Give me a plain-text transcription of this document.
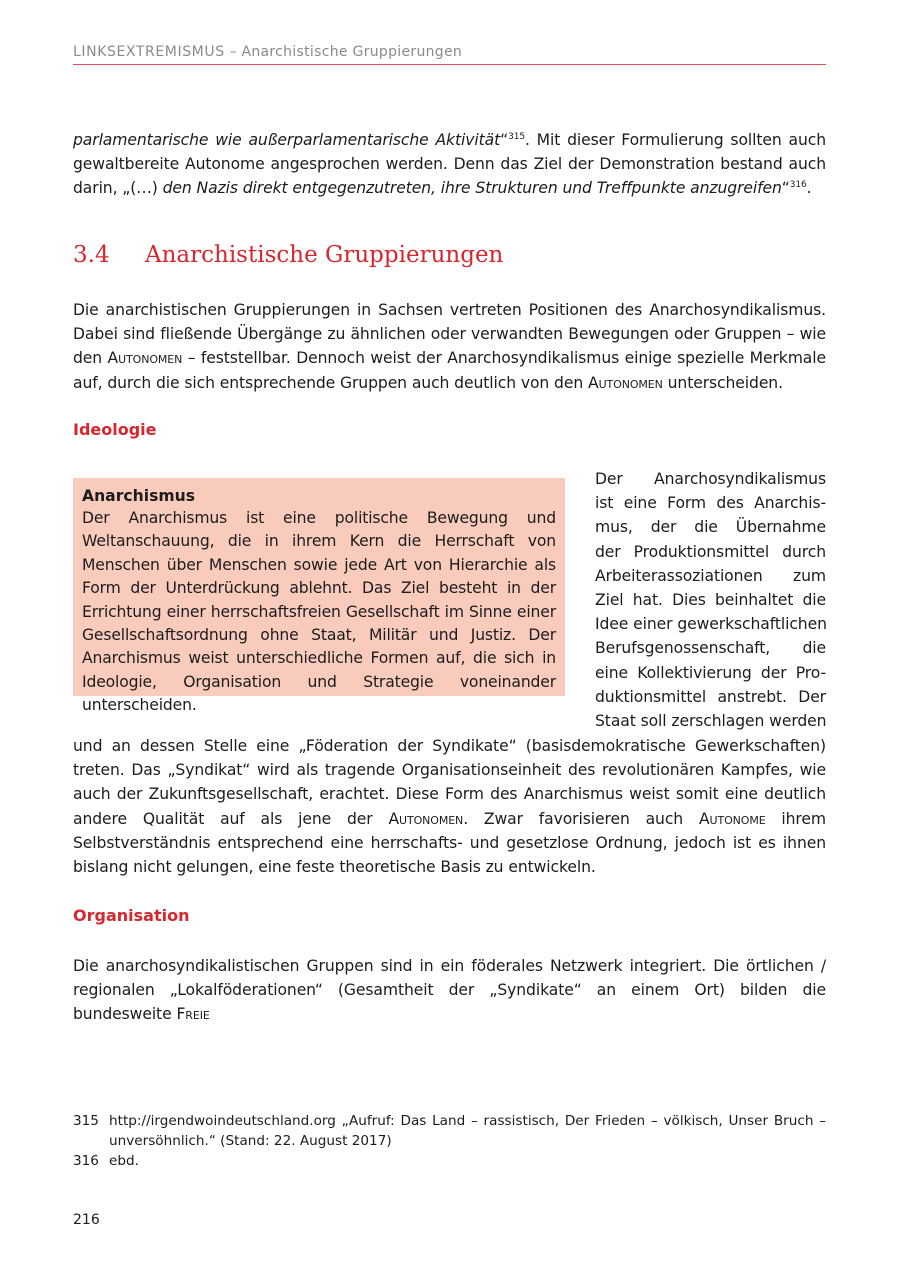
LINKSEXTREMISMUS – Anarchistische Gruppierungen
parlamentarische wie außerparlamentarische Aktivität“$^{315}$. Mit dieser Formulierung sollten auch gewaltbereite Autonome angesprochen werden. Denn das Ziel der Demonstration bestand auch darin, „(…) den Nazis direkt entgegenzutreten, ihre Strukturen und Treffpunkte anzugreifen“$^{316}$.
3.4 Anarchistische Gruppierungen
Die anarchistischen Gruppierungen in Sachsen vertreten Positionen des Anarchosyndikalismus. Dabei sind fließende Übergänge zu ähnlichen oder verwandten Bewegungen oder Gruppen – wie den Autonomen – feststellbar. Dennoch weist der Anarchosyndikalismus einige spezielle Merkmale auf, durch die sich entsprechende Gruppen auch deutlich von den Autonomen unterscheiden.
Ideologie
Anarchismus
Der Anarchismus ist eine politische Bewegung und Weltanschauung, die in ihrem Kern die Herrschaft von Menschen über Menschen sowie jede Art von Hierarchie als Form der Unterdrückung ablehnt. Das Ziel besteht in der Errichtung einer herrschaftsfreien Gesellschaft im Sinne einer Gesellschaftsordnung ohne Staat, Militär und Justiz. Der Anarchismus weist unterschiedliche Formen auf, die sich in Ideologie, Organisation und Strategie voneinander unterscheiden.
Der Anarchosyndikalismus
ist eine Form des Anarchis-
mus, der die Übernahme
der Produktionsmittel durch
Arbeiterassoziationen zum
Ziel hat. Dies beinhaltet die
Idee einer gewerkschaftlichen
Berufsgenossenschaft, die
eine Kollektivierung der Pro-
duktionsmittel anstrebt. Der
Staat soll zerschlagen werden
und an dessen Stelle eine „Föderation der Syndikate“ (basisdemokratische Gewerkschaften) treten. Das „Syndikat“ wird als tragende Organisationseinheit des revolutionären Kampfes, wie auch der Zukunftsgesellschaft, erachtet. Diese Form des Anarchismus weist somit eine deutlich andere Qualität auf als jene der Autonomen. Zwar favorisieren auch Autonome ihrem Selbstverständnis entsprechend eine herrschafts- und gesetzlose Ordnung, jedoch ist es ihnen bislang nicht gelungen, eine feste theoretische Basis zu entwickeln.
Organisation
Die anarchosyndikalistischen Gruppen sind in ein föderales Netzwerk integriert. Die örtlichen / regionalen „Lokalföderationen“ (Gesamtheit der „Syndikate“ an einem Ort) bilden die bundesweite Freie
315 http://irgendwoindeutschland.org „Aufruf: Das Land – rassistisch, Der Frieden – völkisch, Unser Bruch – unversöhnlich.“ (Stand: 22. August 2017)
316 ebd.
216
